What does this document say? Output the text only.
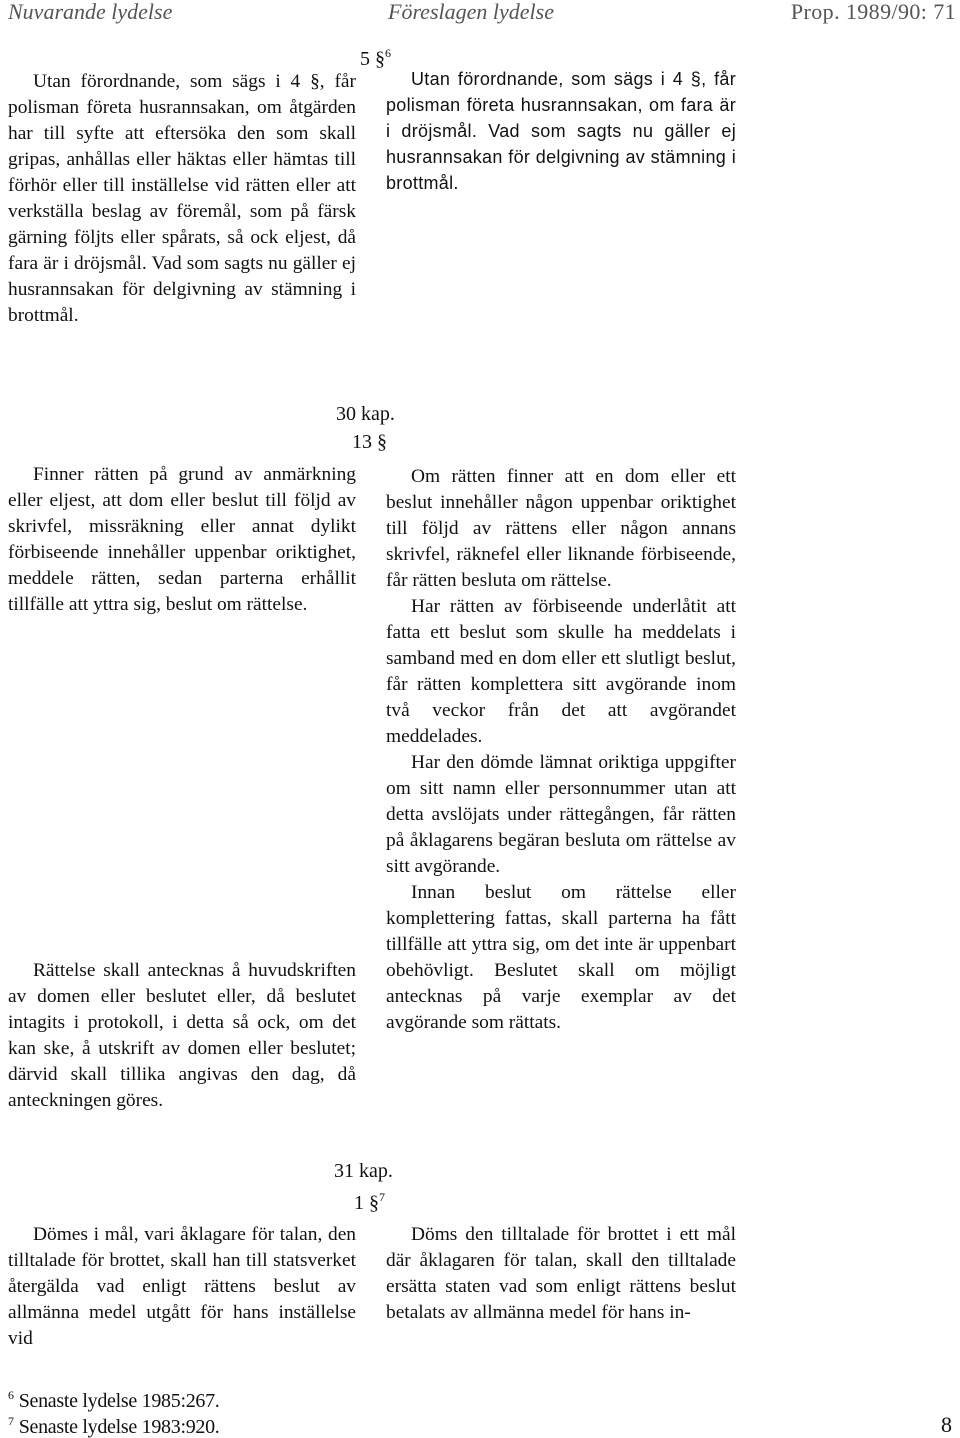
Nuvarande lydelse	Föreslagen lydelse	Prop. 1989/90: 71
5 §$^6$

Utan förordnande, som sägs i 4 §, får polisman företa husrannsakan, om åtgärden har till syfte att eftersöka den som skall gripas, anhållas eller häktas eller hämtas till förhör eller till inställelse vid rätten eller att verkställa beslag av föremål, som på färsk gärning följts eller spårats, så ock eljest, då fara är i dröjsmål. Vad som sagts nu gäller ej husrannsakan för delgivning av stämning i brottmål.

Utan förordnande, som sägs i 4 §, får polisman företa husrannsakan, om fara är i dröjsmål. Vad som sagts nu gäller ej husrannsakan för delgivning av stämning i brottmål.

30 kap.
13 §

Finner rätten på grund av anmärkning eller eljest, att dom eller beslut till följd av skrivfel, missräkning eller annat dylikt förbiseende innehåller uppenbar oriktighet, meddele rätten, sedan parterna erhållit tillfälle att yttra sig, beslut om rättelse.

Om rätten finner att en dom eller ett beslut innehåller någon uppenbar oriktighet till följd av rättens eller någon annans skrivfel, räknefel eller liknande förbiseende, får rätten besluta om rättelse.

Har rätten av förbiseende underlåtit att fatta ett beslut som skulle ha meddelats i samband med en dom eller ett slutligt beslut, får rätten komplettera sitt avgörande inom två veckor från det att avgörandet meddelades.

Har den dömde lämnat oriktiga uppgifter om sitt namn eller personnummer utan att detta avslöjats under rättegången, får rätten på åklagarens begäran besluta om rättelse av sitt avgörande.

Innan beslut om rättelse eller komplettering fattas, skall parterna ha fått tillfälle att yttra sig, om det inte är uppenbart obehövligt. Beslutet skall om möjligt antecknas på varje exemplar av det avgörande som rättats.

Rättelse skall antecknas å huvudskriften av domen eller beslutet eller, då beslutet intagits i protokoll, i detta så ock, om det kan ske, å utskrift av domen eller beslutet; därvid skall tillika angivas den dag, då anteckningen göres.

31 kap.
1 §$^7$

Dömes i mål, vari åklagare för talan, den tilltalade för brottet, skall han till statsverket återgälda vad enligt rättens beslut av allmänna medel utgått för hans inställelse vid

Döms den tilltalade för brottet i ett mål där åklagaren för talan, skall den tilltalade ersätta staten vad som enligt rättens beslut betalats av allmänna medel för hans in-

$^6$ Senaste lydelse 1985:267.
$^7$ Senaste lydelse 1983:920.	8
